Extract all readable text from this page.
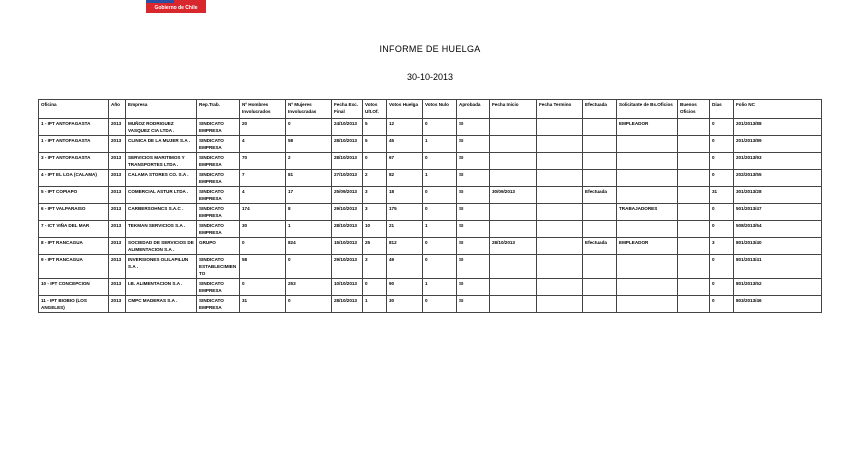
Gobierno de Chile
INFORME DE HUELGA
30-10-2013
Oficina	Año	Empresa	Rep.Trab.	Nº Hombres Involucrados	Nº Mujeres Involucradas	Fecha Exc. Final	Votos Ult.Of.	Votos Huelga	Votos Nulo	Aprobada	Fecha Inicio	Fecha Termino	Efectuada	Solicitante de Bs.Oficios	Buenos Oficios	Días	Folio NC
1 - IPT ANTOFAGASTA	2013	MUÑOZ RODRIGUEZ VASQUEZ CIA LTDA .	SINDICATO EMPRESA	20	0	24/10/2013	5	12	0	SI				EMPLEADOR		0	201/2013/88
1 - IPT ANTOFAGASTA	2013	CLINICA DE LA MUJER S.A .	SINDICATO EMPRESA	4	58	28/10/2013	5	45	1	SI						0	201/2013/89
3 - IPT ANTOFAGASTA	2013	SERVICIOS MARITIMOS Y TRANSPORTES LTDA .	SINDICATO EMPRESA	70	2	28/10/2013	0	67	0	SI						0	201/2013/93
4 - IPT EL LOA (CALAMA)	2013	CALAMA STORES CO. S.A .	SINDICATO EMPRESA	7	81	27/10/2013	2	82	1	SI						0	202/2013/55
5 - IPT COPIAPO	2013	COMERCIAL ASTUR LTDA .	SINDICATO EMPRESA	4	17	25/09/2013	3	18	0	SI	30/09/2013		Efectuada			31	301/2013/28
6 - IPT VALPARAISO	2013	CARBERSOHNCS S.A.C .	SINDICATO EMPRESA	174	8	29/10/2013	3	175	0	SI				TRABAJADORES		0	501/2013/47
7 - ICT VIÑA DEL MAR	2013	TEKMAN SERVICIOS S.A .	SINDICATO EMPRESA	30	1	28/10/2013	10	21	1	SI						0	508/2013/54
8 - IPT RANCAGUA	2013	SOCIEDAD DE SERVICIOS DE ALIMENTACION S.A .	GRUPO	0	824	15/10/2013	25	812	0	SI	28/10/2013		Efectuada	EMPLEADOR		3	801/2013/40
9 - IPT RANCAGUA	2013	INVERSIONES OLILAPILUN S.A .	SINDICATO ESTABLECIMIENTO	58	0	29/10/2013	3	49	0	SI						0	801/2013/41
10 - IPT CONCEPCION	2013	I.B. ALIMENTACION S.A .	SINDICATO EMPRESA	0	253	10/10/2013	0	90	1	SI						0	801/2013/52
11 - IPT BIOBIO (LOS ANGELES)	2013	CMPC MADERAS S.A .	SINDICATO EMPRESA	31	0	28/10/2013	1	30	0	SI						0	803/2013/46
